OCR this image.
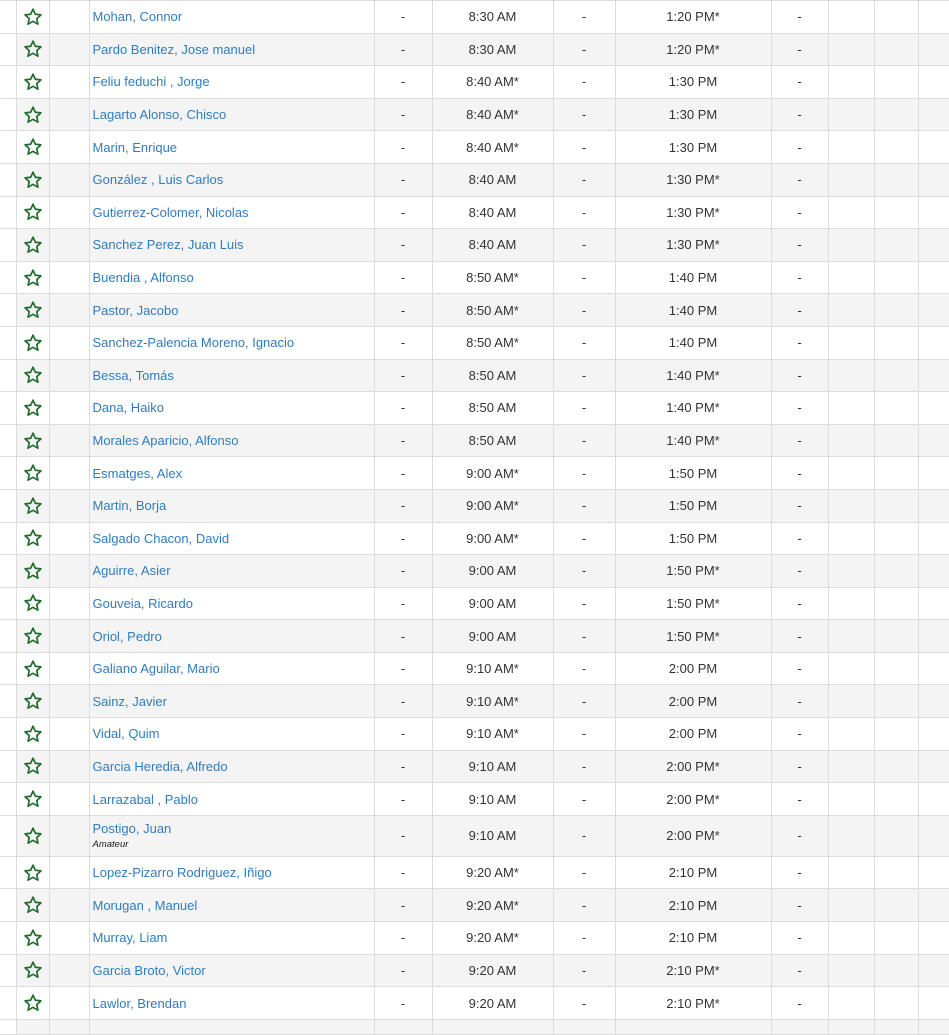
		Mohan, Connor	-	8:30 AM	-	1:20 PM*	-			

		Pardo Benitez, Jose manuel	-	8:30 AM	-	1:20 PM*	-			

		Feliu feduchi , Jorge	-	8:40 AM*	-	1:30 PM	-			

		Lagarto Alonso, Chisco	-	8:40 AM*	-	1:30 PM	-			

		Marin, Enrique	-	8:40 AM*	-	1:30 PM	-			

		González , Luis Carlos	-	8:40 AM	-	1:30 PM*	-			

		Gutierrez-Colomer, Nicolas	-	8:40 AM	-	1:30 PM*	-			

		Sanchez Perez, Juan Luis	-	8:40 AM	-	1:30 PM*	-			

		Buendia , Alfonso	-	8:50 AM*	-	1:40 PM	-			

		Pastor, Jacobo	-	8:50 AM*	-	1:40 PM	-			

		Sanchez-Palencia Moreno, Ignacio	-	8:50 AM*	-	1:40 PM	-			

		Bessa, Tomás	-	8:50 AM	-	1:40 PM*	-			

		Dana, Haiko	-	8:50 AM	-	1:40 PM*	-			

		Morales Aparicio, Alfonso	-	8:50 AM	-	1:40 PM*	-			

		Esmatges, Alex	-	9:00 AM*	-	1:50 PM	-			

		Martin, Borja	-	9:00 AM*	-	1:50 PM	-			

		Salgado Chacon, David	-	9:00 AM*	-	1:50 PM	-			

		Aguirre, Asier	-	9:00 AM	-	1:50 PM*	-			

		Gouveia, Ricardo	-	9:00 AM	-	1:50 PM*	-			

		Oriol, Pedro	-	9:00 AM	-	1:50 PM*	-			

		Galiano Aguilar, Mario	-	9:10 AM*	-	2:00 PM	-			

		Sainz, Javier	-	9:10 AM*	-	2:00 PM	-			

		Vidal, Quim	-	9:10 AM*	-	2:00 PM	-			

		Garcia Heredia, Alfredo	-	9:10 AM	-	2:00 PM*	-			

		Larrazabal , Pablo	-	9:10 AM	-	2:00 PM*	-			

		Postigo, Juan
Amateur	-	9:10 AM	-	2:00 PM*	-			

		Lopez-Pizarro Rodriguez, Iñigo	-	9:20 AM*	-	2:10 PM	-			

		Morugan , Manuel	-	9:20 AM*	-	2:10 PM	-			

		Murray, Liam	-	9:20 AM*	-	2:10 PM	-			

		Garcia Broto, Victor	-	9:20 AM	-	2:10 PM*	-			

		Lawlor, Brendan	-	9:20 AM	-	2:10 PM*	-			
